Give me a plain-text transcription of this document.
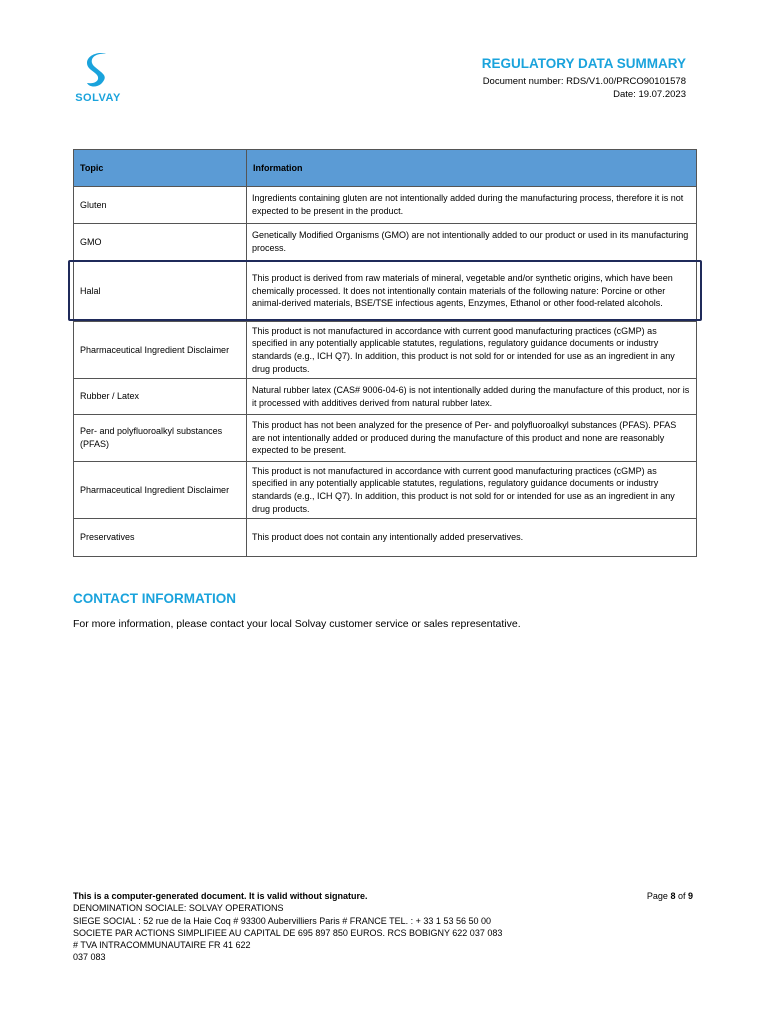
SOLVAY
REGULATORY DATA SUMMARY
Document number: RDS/V1.00/PRCO90101578
Date: 19.07.2023
Topic	Information
Gluten	Ingredients containing gluten are not intentionally added during the manufacturing process, therefore it is not expected to be present in the product.
GMO	Genetically Modified Organisms (GMO) are not intentionally added to our product or used in its manufacturing process.
Halal	This product is derived from raw materials of mineral, vegetable and/or synthetic origins, which have been chemically processed. It does not intentionally contain materials of the following nature: Porcine or other animal-derived materials, BSE/TSE infectious agents, Enzymes, Ethanol or other food-related alcohols.
Pharmaceutical Ingredient Disclaimer	This product is not manufactured in accordance with current good manufacturing practices (cGMP) as specified in any potentially applicable statutes, regulations, regulatory guidance documents or industry standards (e.g., ICH Q7). In addition, this product is not sold for or intended for use as an ingredient in any drug products.
Rubber / Latex	Natural rubber latex (CAS# 9006-04-6) is not intentionally added during the manufacture of this product, nor is it processed with additives derived from natural rubber latex.
Per- and polyfluoroalkyl substances (PFAS)	This product has not been analyzed for the presence of Per- and polyfluoroalkyl substances (PFAS). PFAS are not intentionally added or produced during the manufacture of this product and none are reasonably expected to be present.
Pharmaceutical Ingredient Disclaimer	This product is not manufactured in accordance with current good manufacturing practices (cGMP) as specified in any potentially applicable statutes, regulations, regulatory guidance documents or industry standards (e.g., ICH Q7). In addition, this product is not sold for or intended for use as an ingredient in any drug products.
Preservatives	This product does not contain any intentionally added preservatives.
CONTACT INFORMATION

For more information, please contact your local Solvay customer service or sales representative.

This is a computer-generated document. It is valid without signature.	Page 8 of 9
DENOMINATION SOCIALE: SOLVAY OPERATIONS
SIEGE SOCIAL : 52 rue de la Haie Coq # 93300 Aubervilliers Paris # FRANCE TEL. : + 33 1 53 56 50 00
SOCIETE PAR ACTIONS SIMPLIFIEE AU CAPITAL DE 695 897 850 EUROS. RCS BOBIGNY 622 037 083
# TVA INTRACOMMUNAUTAIRE FR 41 622
037 083
